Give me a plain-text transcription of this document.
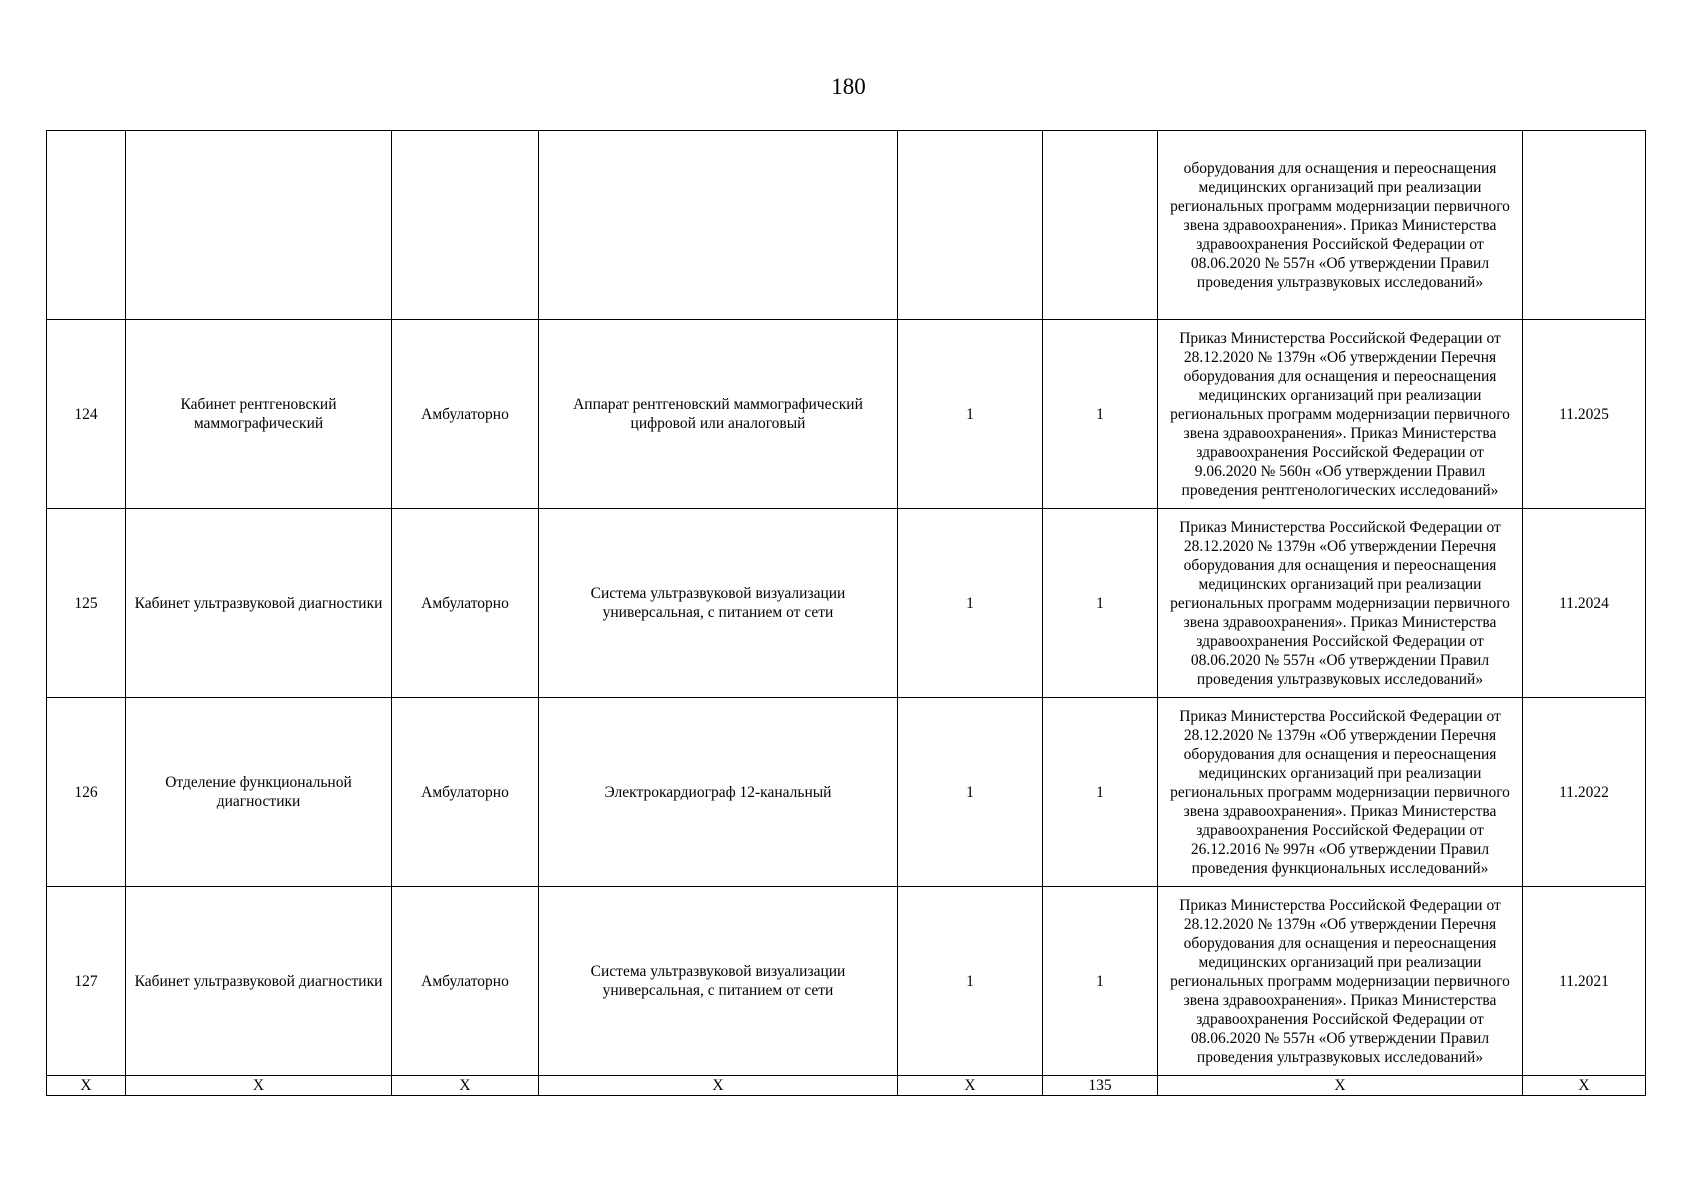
180
						оборудования для оснащения и переоснащения медицинских организаций при реализации региональных программ модернизации первичного звена здравоохранения». Приказ Министерства здравоохранения Российской Федерации от 08.06.2020 № 557н «Об утверждении Правил проведения ультразвуковых исследований»	
124	Кабинет рентгеновский маммографический	Амбулаторно	Аппарат рентгеновский маммографический цифровой или аналоговый	1	1	Приказ Министерства Российской Федерации от 28.12.2020 № 1379н «Об утверждении Перечня оборудования для оснащения и переоснащения медицинских организаций при реализации региональных программ модернизации первичного звена здравоохранения». Приказ Министерства здравоохранения Российской Федерации от 9.06.2020 № 560н «Об утверждении Правил проведения рентгенологических исследований»	11.2025
125	Кабинет ультразвуковой диагностики	Амбулаторно	Система ультразвуковой визуализации универсальная, с питанием от сети	1	1	Приказ Министерства Российской Федерации от 28.12.2020 № 1379н «Об утверждении Перечня оборудования для оснащения и переоснащения медицинских организаций при реализации региональных программ модернизации первичного звена здравоохранения». Приказ Министерства здравоохранения Российской Федерации от 08.06.2020 № 557н «Об утверждении Правил проведения ультразвуковых исследований»	11.2024
126	Отделение функциональной диагностики	Амбулаторно	Электрокардиограф 12-канальный	1	1	Приказ Министерства Российской Федерации от 28.12.2020 № 1379н «Об утверждении Перечня оборудования для оснащения и переоснащения медицинских организаций при реализации региональных программ модернизации первичного звена здравоохранения». Приказ Министерства здравоохранения Российской Федерации от 26.12.2016 № 997н «Об утверждении Правил проведения функциональных исследований»	11.2022
127	Кабинет ультразвуковой диагностики	Амбулаторно	Система ультразвуковой визуализации универсальная, с питанием от сети	1	1	Приказ Министерства Российской Федерации от 28.12.2020 № 1379н «Об утверждении Перечня оборудования для оснащения и переоснащения медицинских организаций при реализации региональных программ модернизации первичного звена здравоохранения». Приказ Министерства здравоохранения Российской Федерации от 08.06.2020 № 557н «Об утверждении Правил проведения ультразвуковых исследований»	11.2021
Х	Х	Х	Х	Х	135	Х	Х
